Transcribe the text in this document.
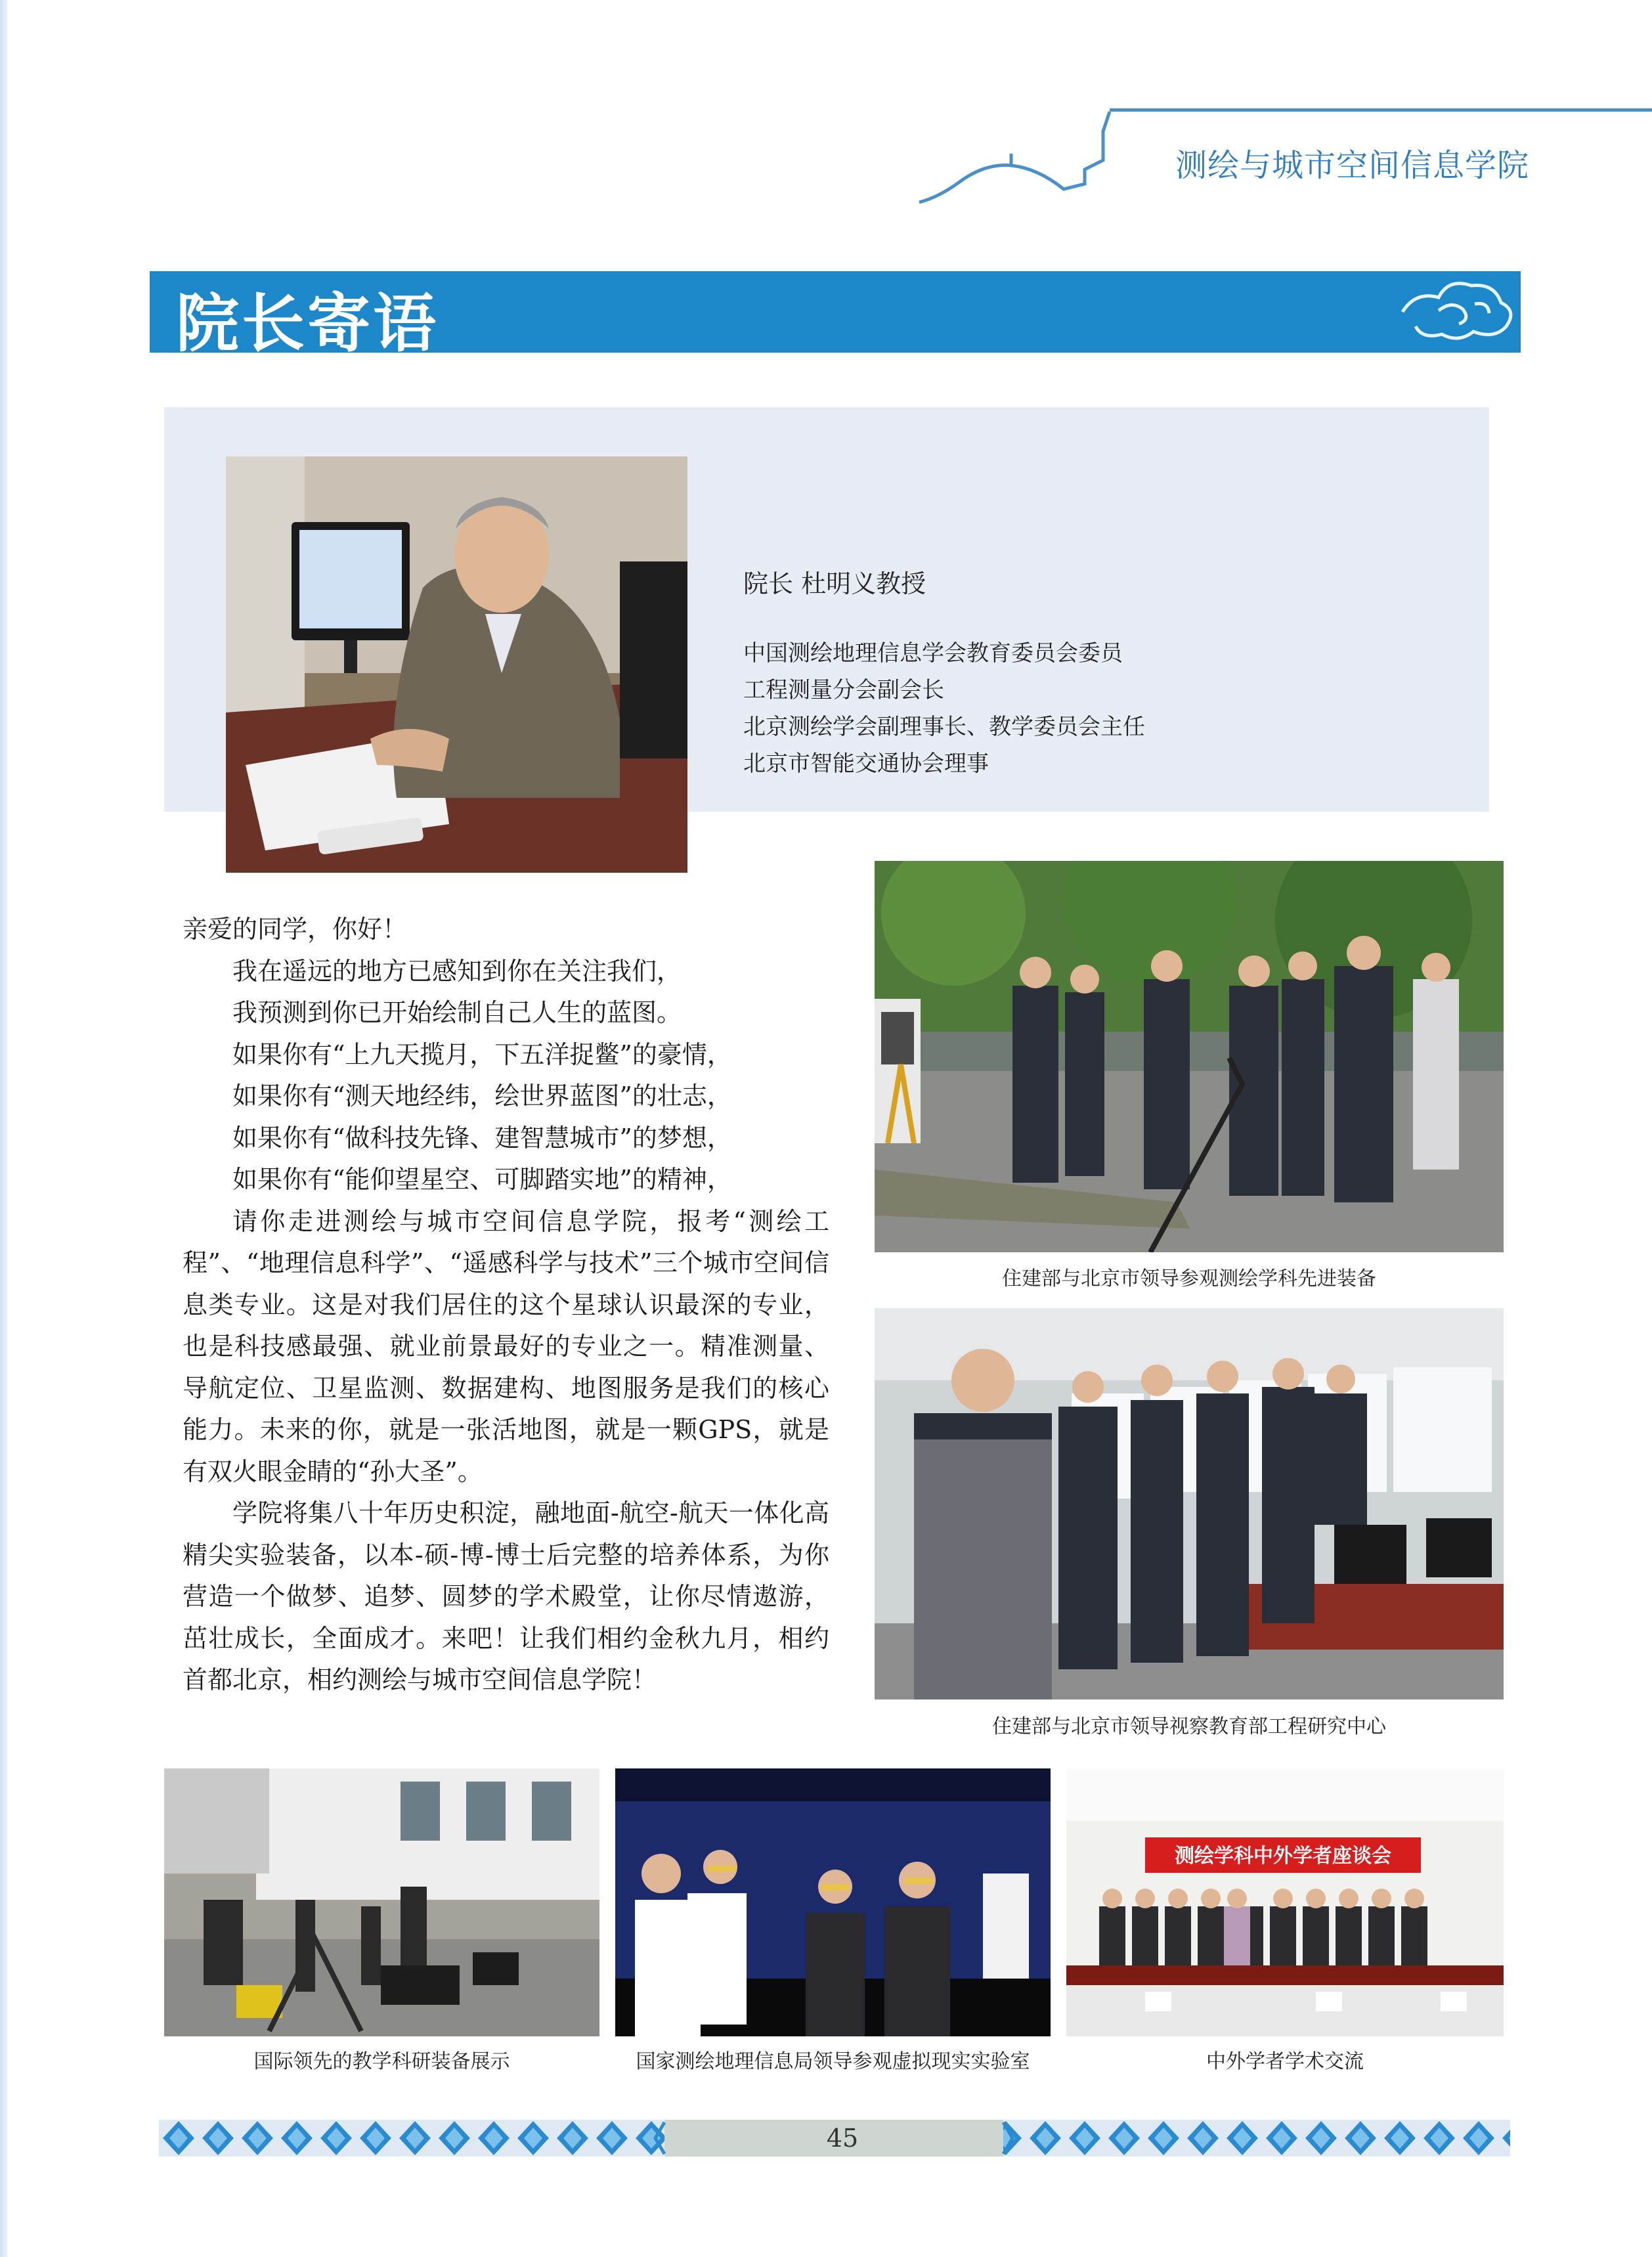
测绘与城市空间信息学院
院长寄语
院长 杜明义教授
中国测绘地理信息学会教育委员会委员
工程测量分会副会长
北京测绘学会副理事长、教学委员会主任
北京市智能交通协会理事

亲爱的同学，你好！

我在遥远的地方已感知到你在关注我们，

我预测到你已开始绘制自己人生的蓝图。

如果你有“上九天揽月，下五洋捉鳖”的豪情，

如果你有“测天地经纬，绘世界蓝图”的壮志，

如果你有“做科技先锋、建智慧城市”的梦想，

如果你有“能仰望星空、可脚踏实地”的精神，

请你走进测绘与城市空间信息学院，报考“测绘工程”、“地理信息科学”、“遥感科学与技术”三个城市空间信息类专业。这是对我们居住的这个星球认识最深的专业，也是科技感最强、就业前景最好的专业之一。精准测量、导航定位、卫星监测、数据建构、地图服务是我们的核心能力。未来的你，就是一张活地图，就是一颗GPS，就是有双火眼金睛的“孙大圣”。

学院将集八十年历史积淀，融地面-航空-航天一体化高精尖实验装备，以本-硕-博-博士后完整的培养体系，为你营造一个做梦、追梦、圆梦的学术殿堂，让你尽情遨游，茁壮成长，全面成才。来吧！让我们相约金秋九月，相约首都北京，相约测绘与城市空间信息学院！

住建部与北京市领导参观测绘学科先进装备
住建部与北京市领导视察教育部工程研究中心
国际领先的教学科研装备展示	国家测绘地理信息局领导参观虚拟现实实验室
测绘学科中外学者座谈会
中外学者学术交流
45
